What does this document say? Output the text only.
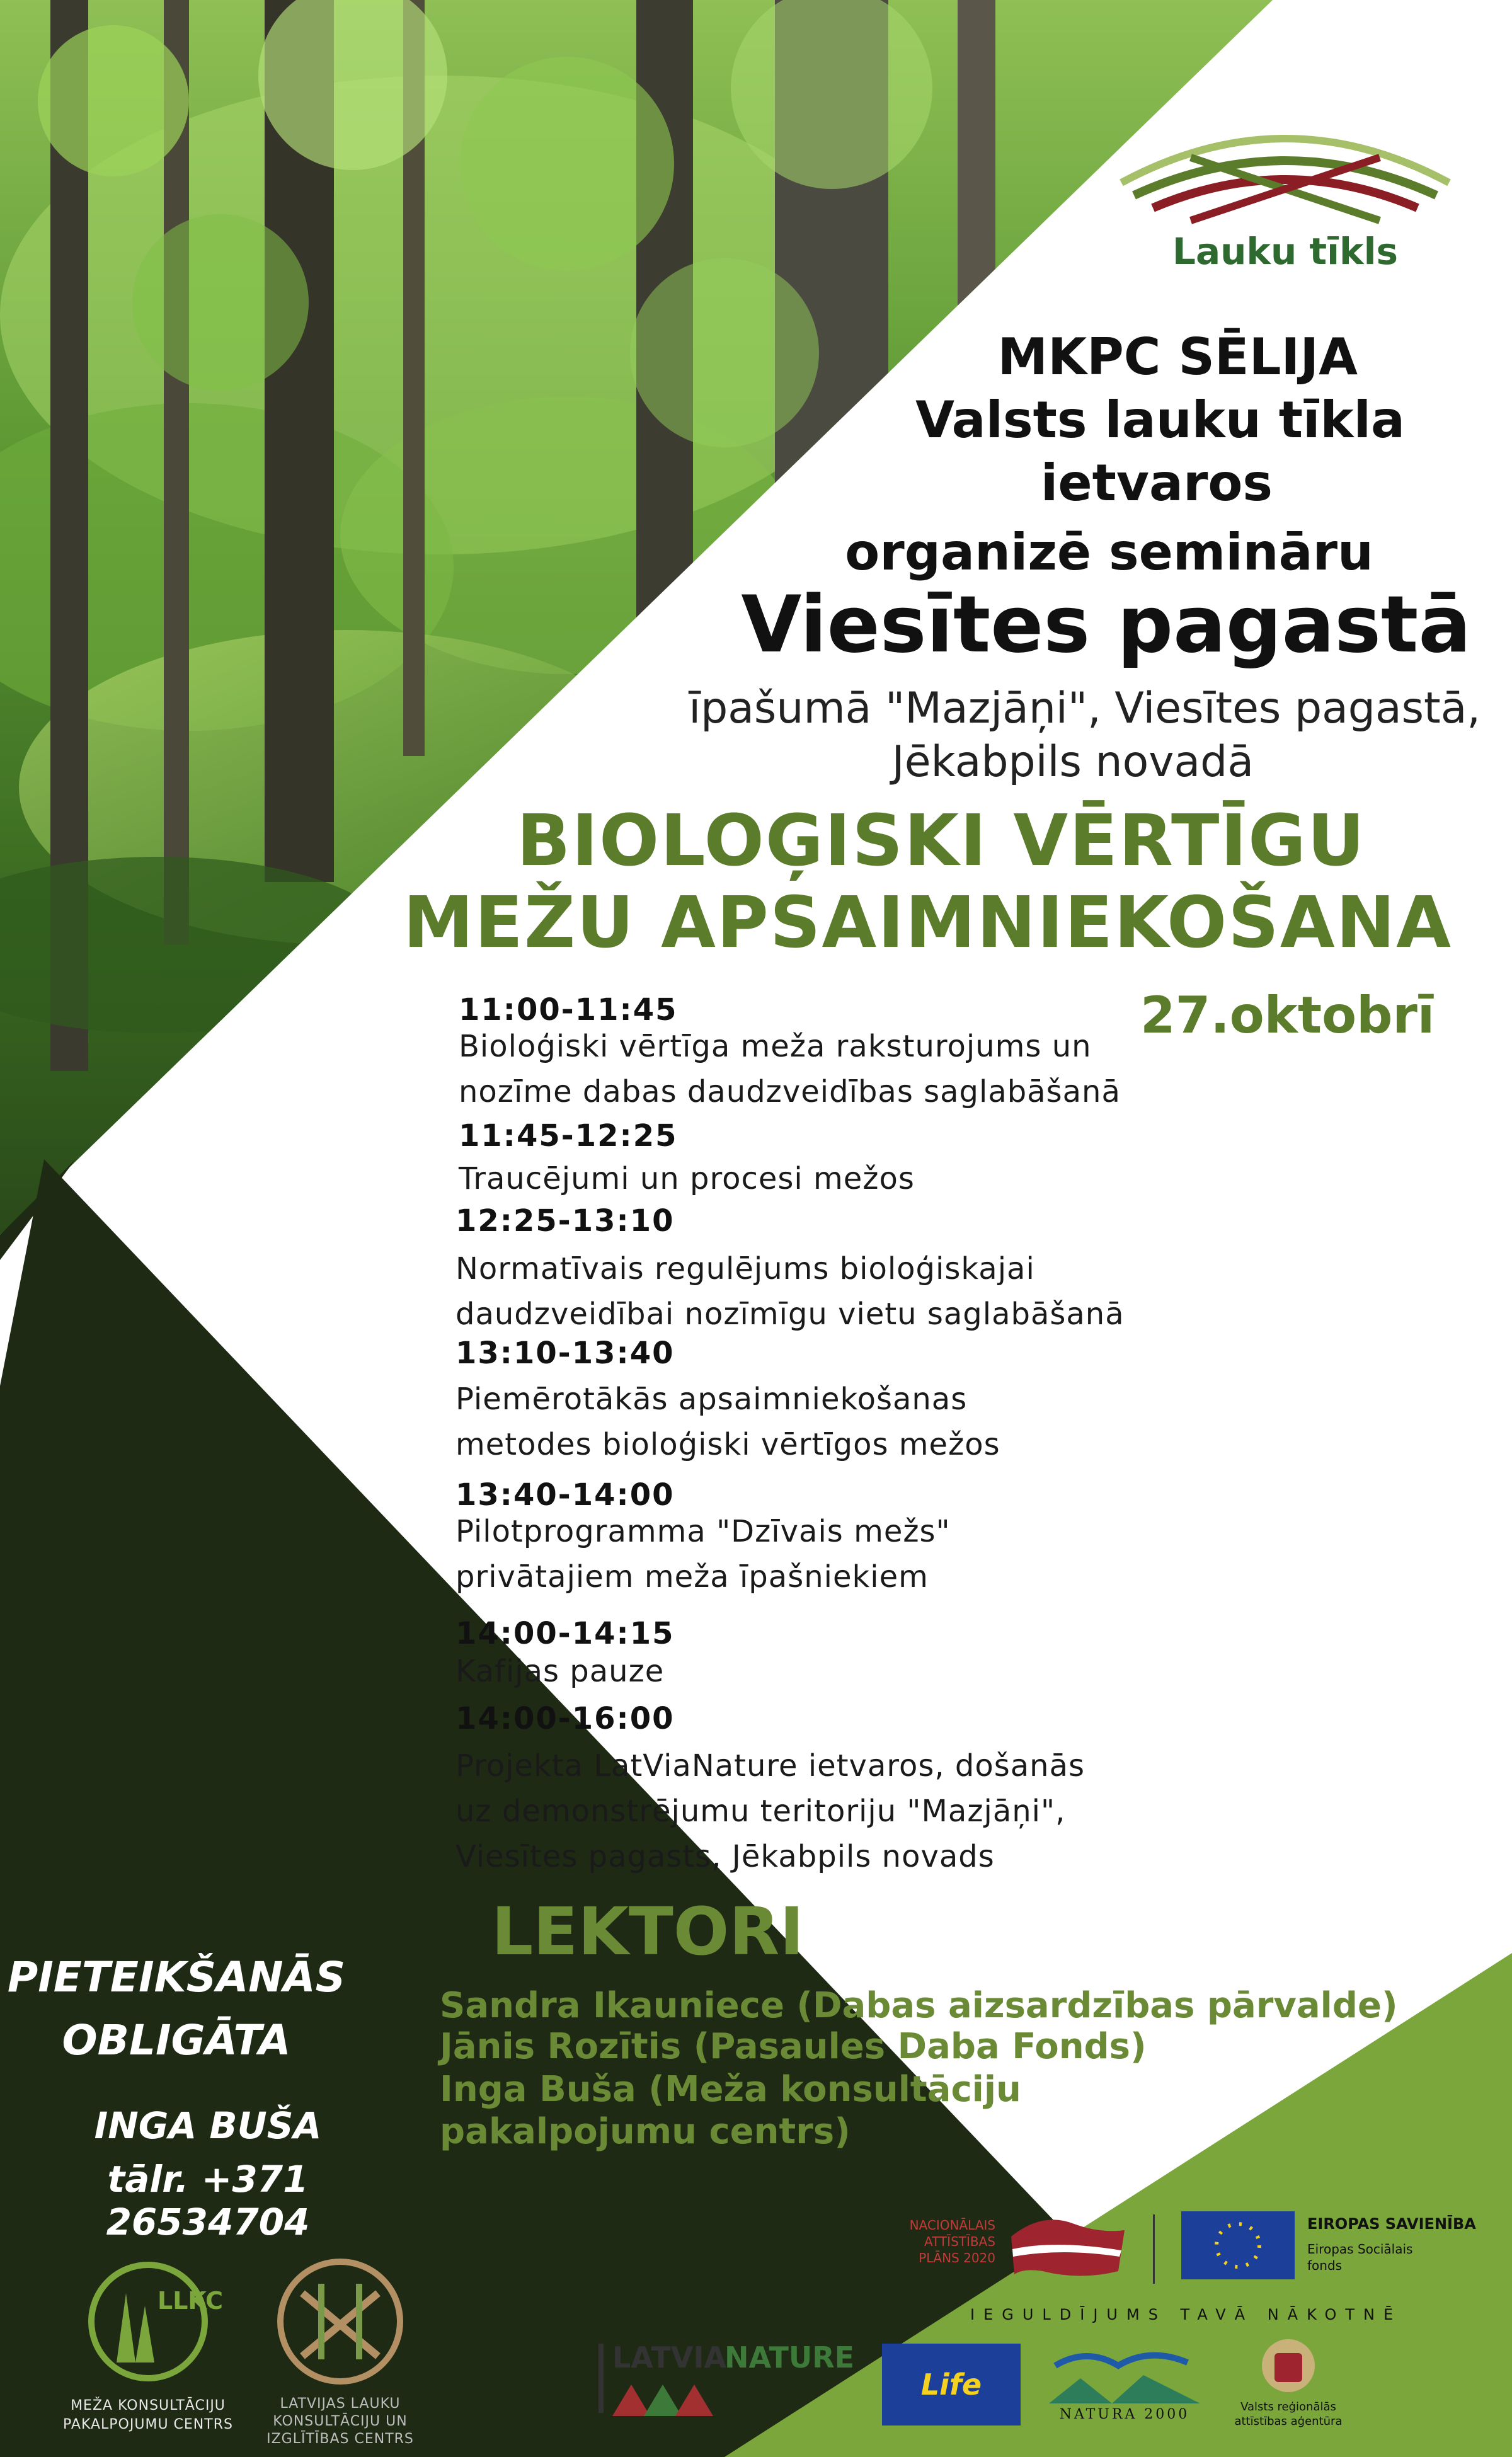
Lauku tīkls
MKPC SĒLIJA
Valsts lauku tīkla
ietvaros
organizē semināru
Viesītes pagastā
īpašumā "Mazjāņi", Viesītes pagastā,
Jēkabpils novadā
BIOLOĢISKI VĒRTĪGU
MEŽU APSAIMNIEKOŠANA
27.oktobrī
11:00-11:45
Bioloģiski vērtīga meža raksturojums un
nozīme dabas daudzveidības saglabāšanā
11:45-12:25
Traucējumi un procesi mežos
12:25-13:10
Normatīvais regulējums bioloģiskajai
daudzveidībai nozīmīgu vietu saglabāšanā
13:10-13:40
Piemērotākās apsaimniekošanas
metodes bioloģiski vērtīgos mežos
13:40-14:00
Pilotprogramma "Dzīvais mežs"
privātajiem meža īpašniekiem
14:00-14:15
Kafijas pauze
14:00-16:00
Projekta LatViaNature ietvaros, došanās
uz demonstrējumu teritoriju "Mazjāņi",
Viesītes pagasts, Jēkabpils novads
LEKTORI
Sandra Ikauniece (Dabas aizsardzības pārvalde)
Jānis Rozītis (Pasaules Daba Fonds)
Inga Buša (Meža konsultāciju
pakalpojumu centrs)
PIETEIKŠANĀS
OBLIGĀTA
INGA BUŠA
tālr. +371 26534704
LLKC
MEŽA KONSULTĀCIJU
PAKALPOJUMU CENTRS
LATVIJAS LAUKU
KONSULTĀCIJU UN
IZGLĪTĪBAS CENTRS
NACIONĀLAIS
ATTĪSTĪBAS
PLĀNS 2020
EIROPAS SAVIENĪBA
Eiropas Sociālais
fonds
IEGULDĪJUMS TAVĀ NĀKOTNĒ
LATVIA
NATURE
Life
NATURA 2000	Valsts reģionālās
attīstības aģentūra
